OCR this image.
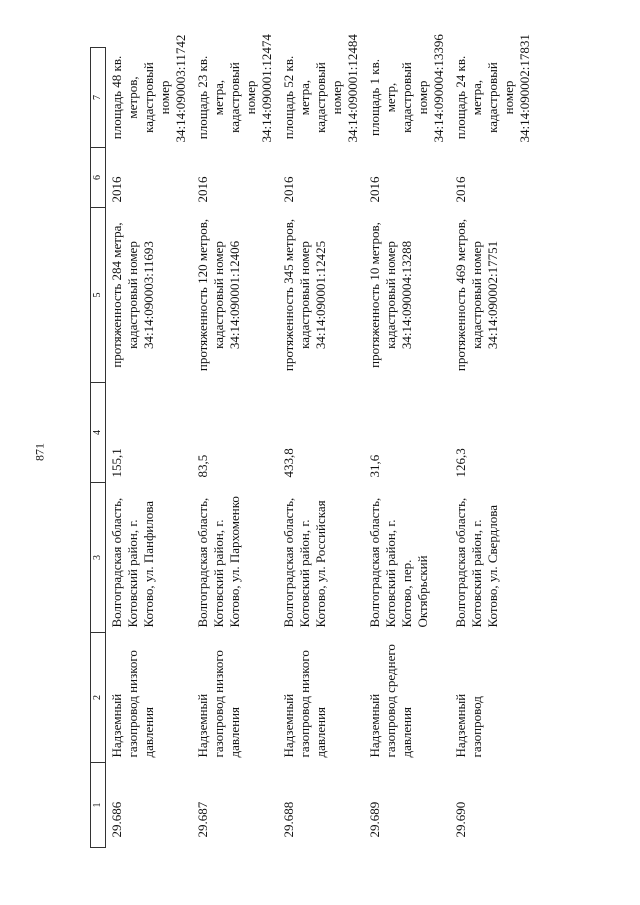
871
1	2	3	4	5	6	7
29.686	Надземный газопровод низкого давления	Волгоградская область, Котовский район, г. Котово, ул. Панфилова	155,1	протяженность 284 метра, кадастровый номер 34:14:090003:11693	2016	площадь 48 кв. метров, кадастровый номер 34:14:090003:11742
29.687	Надземный газопровод низкого давления	Волгоградская область, Котовский район, г. Котово, ул. Пархоменко	83,5	протяженность 120 метров, кадастровый номер 34:14:090001:12406	2016	площадь 23 кв. метра, кадастровый номер 34:14:090001:12474
29.688	Надземный газопровод низкого давления	Волгоградская область, Котовский район, г. Котово, ул. Российская	433,8	протяженность 345 метров, кадастровый номер 34:14:090001:12425	2016	площадь 52 кв. метра, кадастровый номер 34:14:090001:12484
29.689	Надземный газопровод среднего давления	Волгоградская область, Котовский район, г. Котово, пер. Октябрьский	31,6	протяженность 10 метров, кадастровый номер 34:14:090004:13288	2016	площадь 1 кв. метр, кадастровый номер 34:14:090004:13396
29.690	Надземный газопровод	Волгоградская область, Котовский район, г. Котово, ул. Свердлова	126,3	протяженность 469 метров, кадастровый номер 34:14:090002:17751	2016	площадь 24 кв. метра, кадастровый номер 34:14:090002:17831
